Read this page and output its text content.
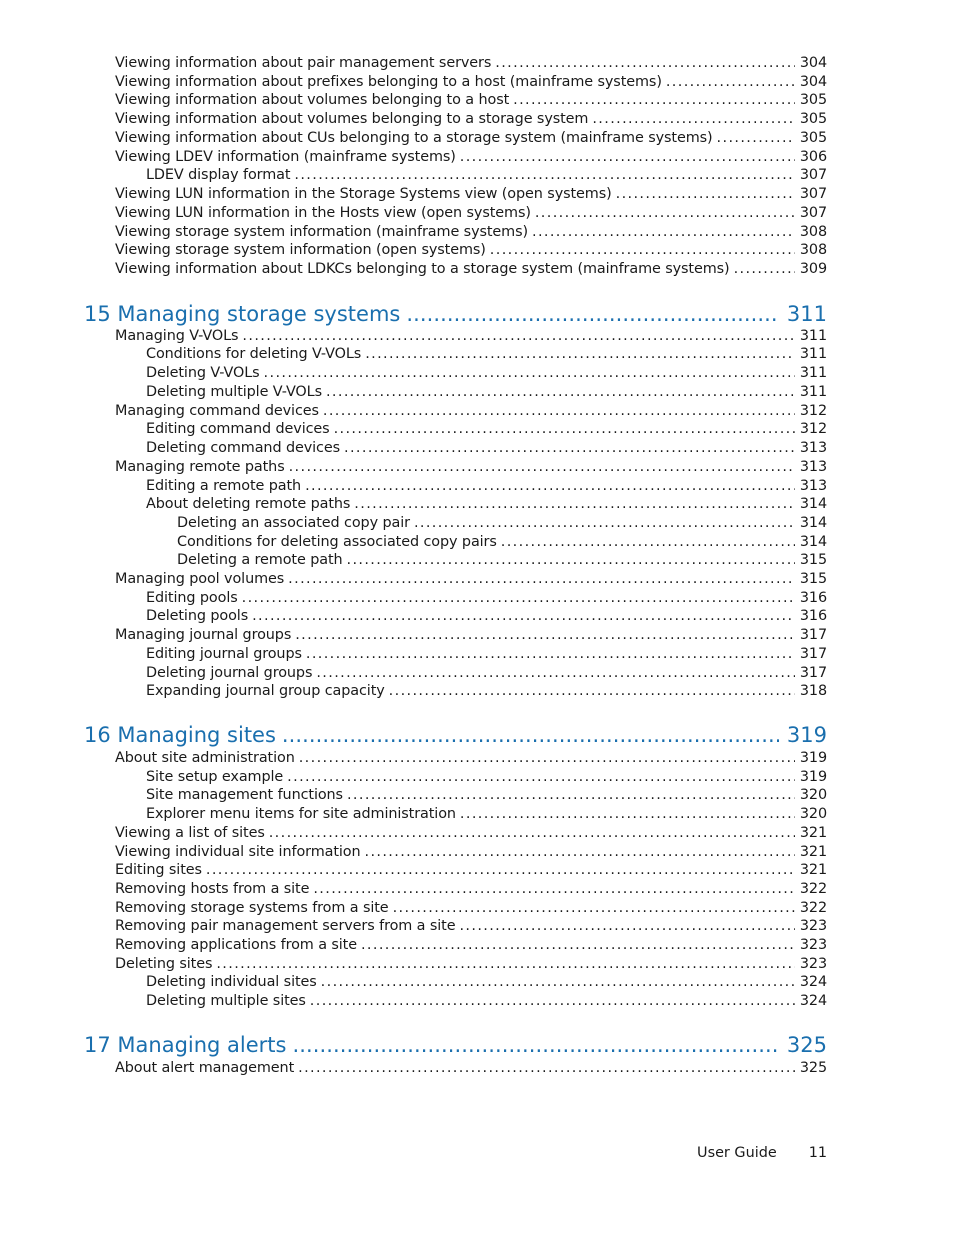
Viewing information about pair management servers . . .	304
Viewing information about prefixes belonging to a host (mainframe systems) . . .	304
Viewing information about volumes belonging to a host . . .	305
Viewing information about volumes belonging to a storage system . . .	305
Viewing information about CUs belonging to a storage system (mainframe systems) . . .	305
Viewing LDEV information (mainframe systems) . . .	306
LDEV display format . . .	307
Viewing LUN information in the Storage Systems view (open systems) . . .	307
Viewing LUN information in the Hosts view (open systems) . . .	307
Viewing storage system information (mainframe systems) . . .	308
Viewing storage system information (open systems) . . .	308
Viewing information about LDKCs belonging to a storage system (mainframe systems) . . .	309
15 Managing storage systems . . .	311
Managing V-VOLs . . .	311
Conditions for deleting V-VOLs . . .	311
Deleting V-VOLs . . .	311
Deleting multiple V-VOLs . . .	311
Managing command devices . . .	312
Editing command devices . . .	312
Deleting command devices . . .	313
Managing remote paths . . .	313
Editing a remote path . . .	313
About deleting remote paths . . .	314
Deleting an associated copy pair . . .	314
Conditions for deleting associated copy pairs . . .	314
Deleting a remote path . . .	315
Managing pool volumes . . .	315
Editing pools . . .	316
Deleting pools . . .	316
Managing journal groups . . .	317
Editing journal groups . . .	317
Deleting journal groups . . .	317
Expanding journal group capacity . . .	318
16 Managing sites . . .	319
About site administration . . .	319
Site setup example . . .	319
Site management functions . . .	320
Explorer menu items for site administration . . .	320
Viewing a list of sites . . .	321
Viewing individual site information . . .	321
Editing sites . . .	321
Removing hosts from a site . . .	322
Removing storage systems from a site . . .	322
Removing pair management servers from a site . . .	323
Removing applications from a site . . .	323
Deleting sites . . .	323
Deleting individual sites . . .	324
Deleting multiple sites . . .	324
17 Managing alerts . . .	325
About alert management . . .	325
User Guide 11
